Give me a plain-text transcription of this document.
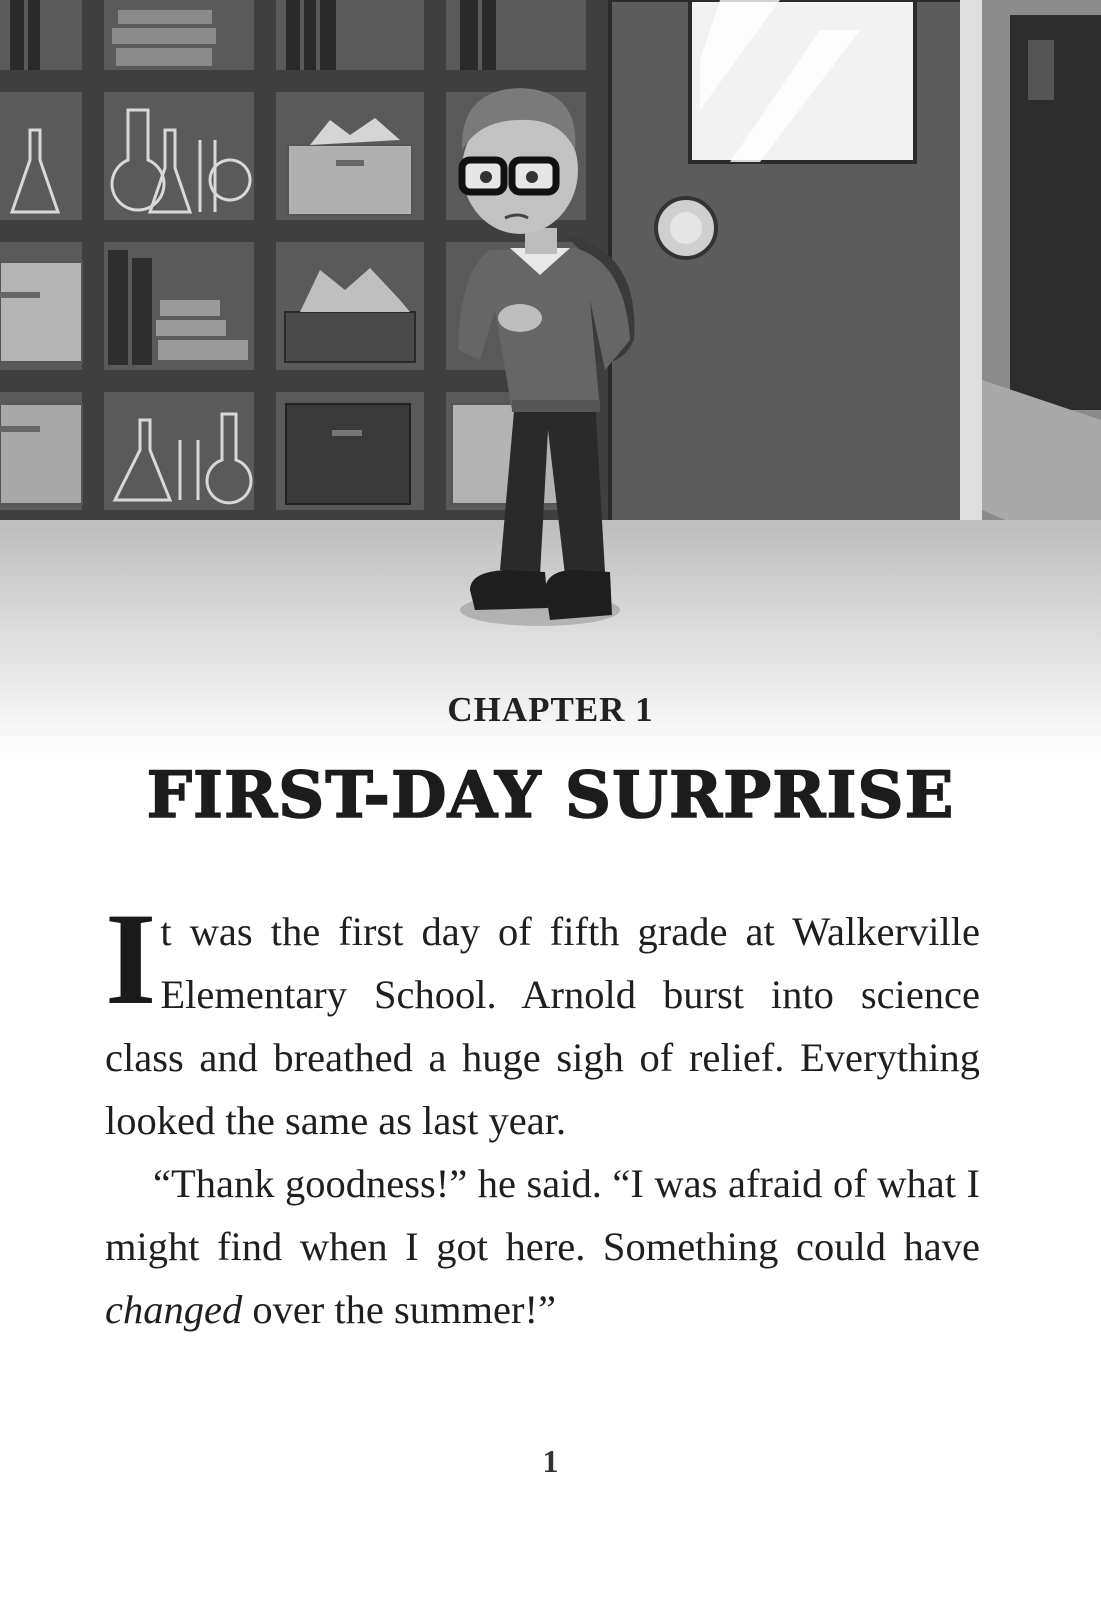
CHAPTER 1
FIRST-DAY SURPRISE

It was the first day of fifth grade at Walkerville Elementary School. Arnold burst into science class and breathed a huge sigh of relief. Everything looked the same as last year.

“Thank goodness!” he said. “I was afraid of what I might find when I got here. Something could have changed over the summer!”

1
